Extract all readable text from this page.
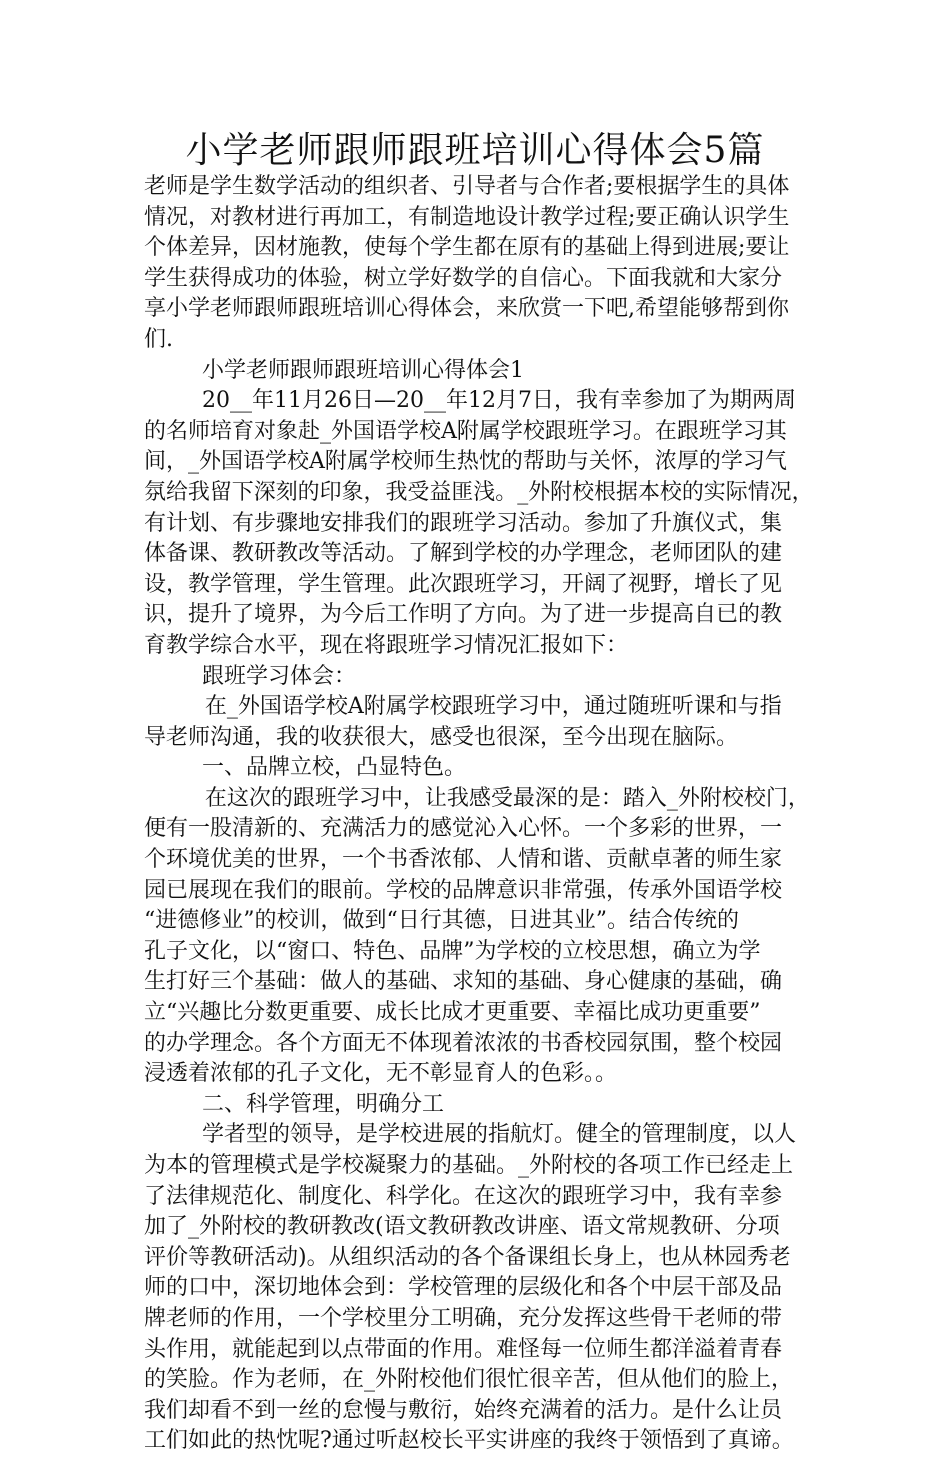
小学老师跟师跟班培训心得体会5篇
老师是学生数学活动的组织者、引导者与合作者;要根据学生的具体
情况，对教材进行再加工，有制造地设计教学过程;要正确认识学生
个体差异，因材施教，使每个学生都在原有的基础上得到进展;要让
学生获得成功的体验，树立学好数学的自信心。下面我就和大家分
享小学老师跟师跟班培训心得体会，来欣赏一下吧,希望能够帮到你
们.
小学老师跟师跟班培训心得体会1
20__年11月26日—20__年12月7日，我有幸参加了为期两周
的名师培育对象赴_外国语学校A附属学校跟班学习。在跟班学习其
间，_外国语学校A附属学校师生热忱的帮助与关怀，浓厚的学习气
氛给我留下深刻的印象，我受益匪浅。_外附校根据本校的实际情况，
有计划、有步骤地安排我们的跟班学习活动。参加了升旗仪式，集
体备课、教研教改等活动。了解到学校的办学理念，老师团队的建
设，教学管理，学生管理。此次跟班学习，开阔了视野，增长了见
识，提升了境界，为今后工作明了方向。为了进一步提高自已的教
育教学综合水平，现在将跟班学习情况汇报如下：
跟班学习体会：
在_外国语学校A附属学校跟班学习中，通过随班听课和与指
导老师沟通，我的收获很大，感受也很深，至今出现在脑际。
一、品牌立校，凸显特色。
在这次的跟班学习中，让我感受最深的是：踏入_外附校校门，
便有一股清新的、充满活力的感觉沁入心怀。一个多彩的世界，一
个环境优美的世界，一个书香浓郁、人情和谐、贡献卓著的师生家
园已展现在我们的眼前。学校的品牌意识非常强，传承外国语学校
“进德修业”的校训，做到“日行其德，日进其业”。结合传统的
孔子文化，以“窗口、特色、品牌”为学校的立校思想，确立为学
生打好三个基础：做人的基础、求知的基础、身心健康的基础，确
立“兴趣比分数更重要、成长比成才更重要、幸福比成功更重要”
的办学理念。各个方面无不体现着浓浓的书香校园氛围，整个校园
浸透着浓郁的孔子文化，无不彰显育人的色彩。。
二、科学管理，明确分工
学者型的领导，是学校进展的指航灯。健全的管理制度，以人
为本的管理模式是学校凝聚力的基础。_外附校的各项工作已经走上
了法律规范化、制度化、科学化。在这次的跟班学习中，我有幸参
加了_外附校的教研教改(语文教研教改讲座、语文常规教研、分项
评价等教研活动)。从组织活动的各个备课组长身上，也从林园秀老
师的口中，深切地体会到：学校管理的层级化和各个中层干部及品
牌老师的作用，一个学校里分工明确，充分发挥这些骨干老师的带
头作用，就能起到以点带面的作用。难怪每一位师生都洋溢着青春
的笑脸。作为老师，在_外附校他们很忙很辛苦，但从他们的脸上，
我们却看不到一丝的怠慢与敷衍，始终充满着的活力。是什么让员
工们如此的热忱呢?通过听赵校长平实讲座的我终于领悟到了真谛。
